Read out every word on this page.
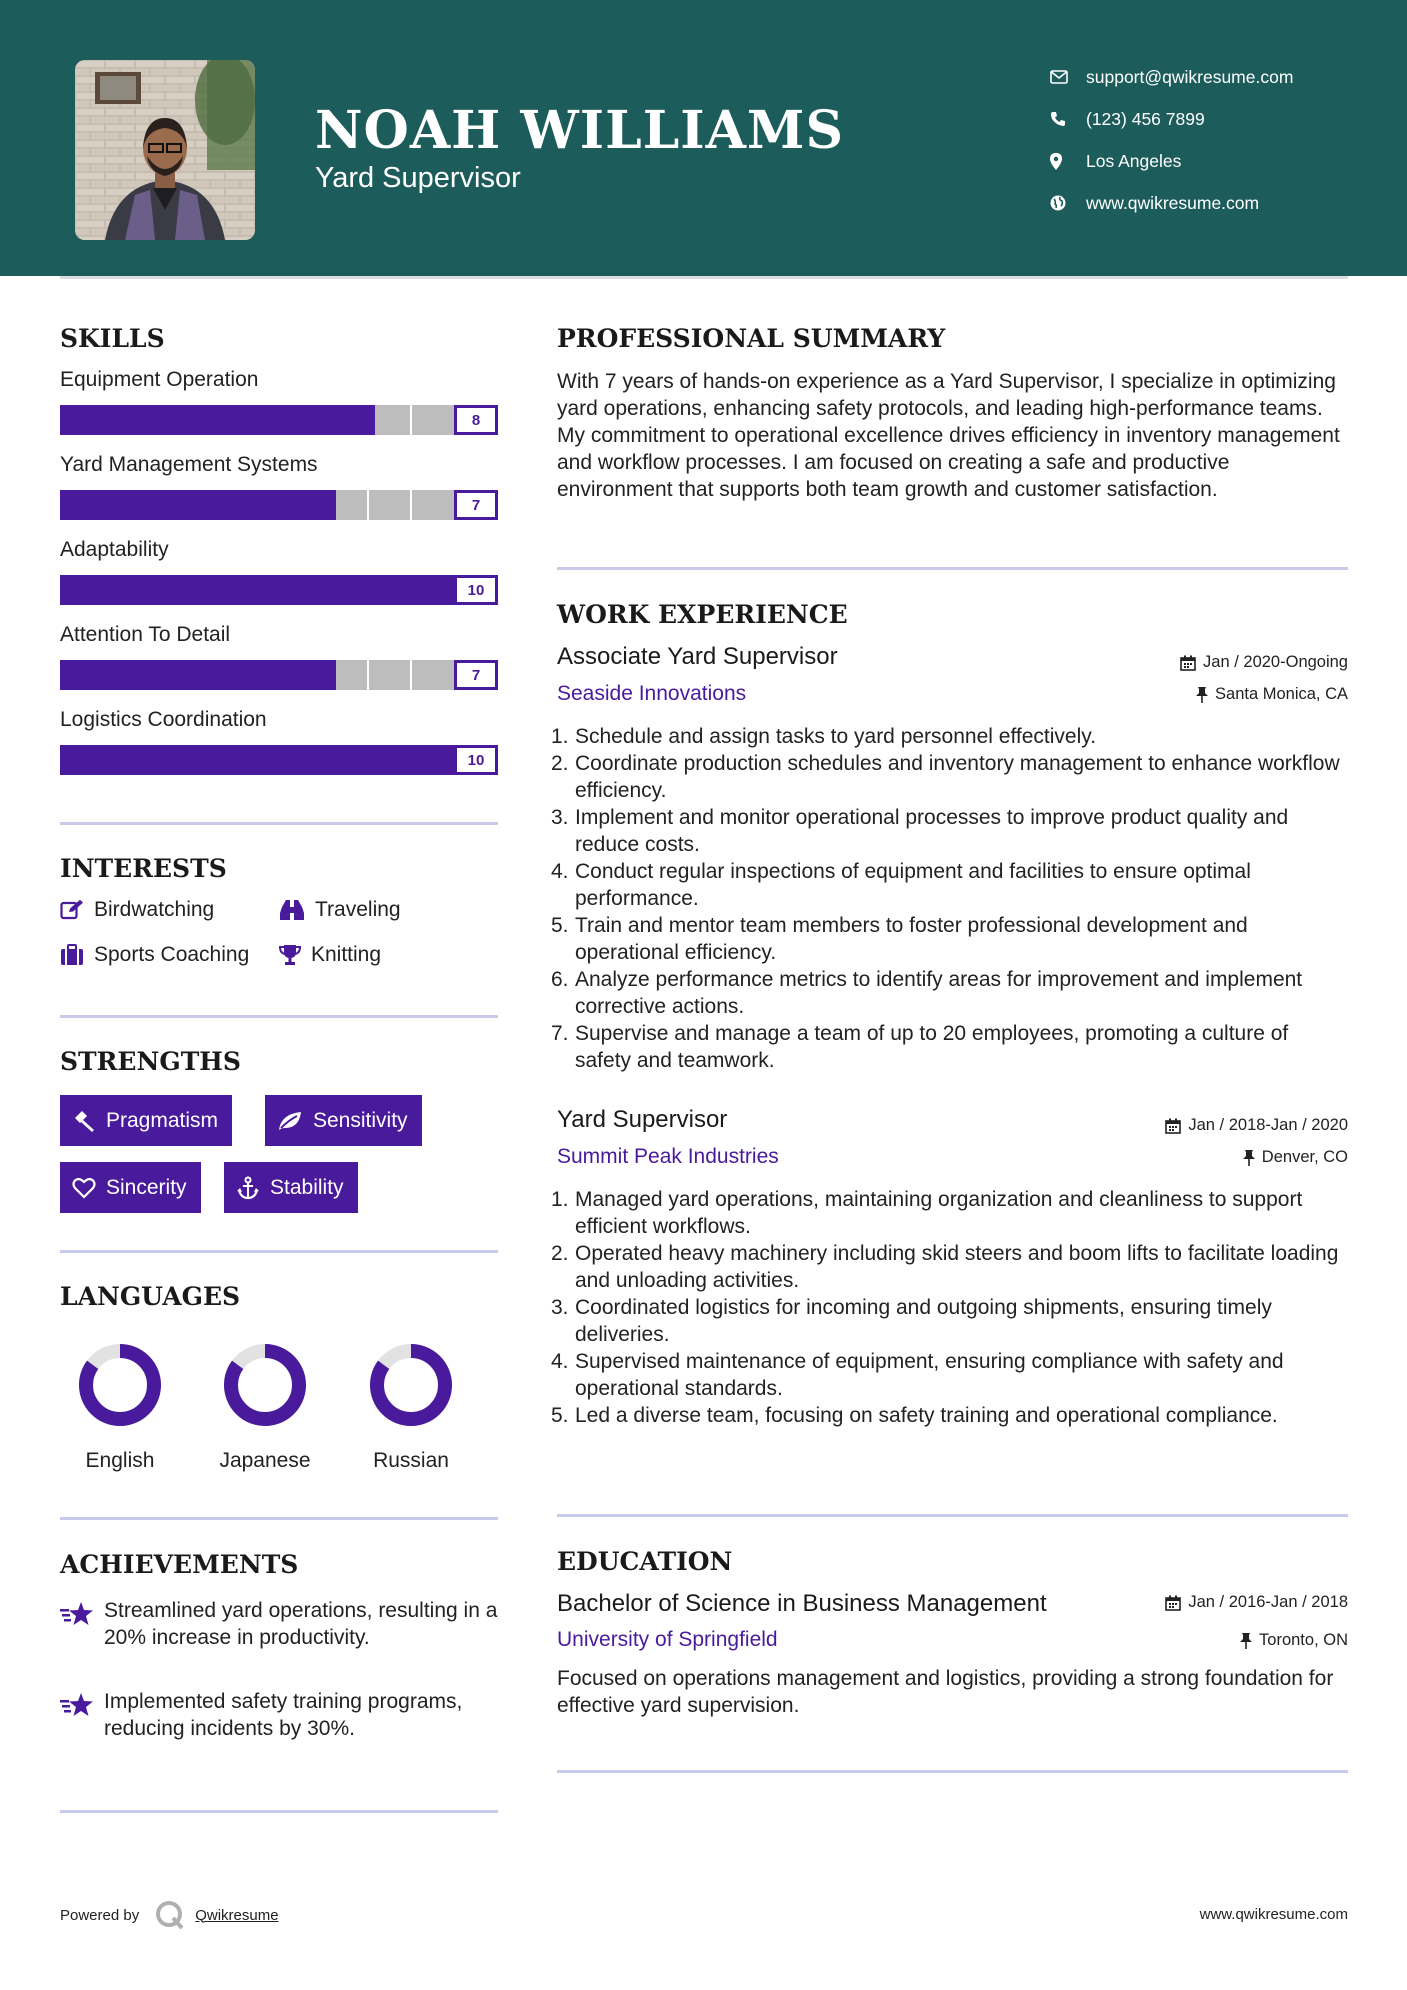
NOAH WILLIAMS
Yard Supervisor
support@qwikresume.com
(123) 456 7899
Los Angeles
www.qwikresume.com
SKILLS
Equipment Operation
8
Yard Management Systems
7
Adaptability
10
Attention To Detail
7
Logistics Coordination
10
INTERESTS
Birdwatching	Traveling
Sports Coaching	Knitting
STRENGTHS
Pragmatism	Sensitivity
Sincerity	Stability
LANGUAGES
English	Japanese	Russian
ACHIEVEMENTS
Streamlined yard operations, resulting in a 20% increase in productivity.
Implemented safety training programs, reducing incidents by 30%.
PROFESSIONAL SUMMARY
With 7 years of hands-on experience as a Yard Supervisor, I specialize in optimizing yard operations, enhancing safety protocols, and leading high-performance teams. My commitment to operational excellence drives efficiency in inventory management and workflow processes. I am focused on creating a safe and productive environment that supports both team growth and customer satisfaction.
WORK EXPERIENCE
Associate Yard Supervisor	Jan / 2020-Ongoing
Seaside Innovations	Santa Monica, CA
1. Schedule and assign tasks to yard personnel effectively.
2. Coordinate production schedules and inventory management to enhance workflow efficiency.
3. Implement and monitor operational processes to improve product quality and reduce costs.
4. Conduct regular inspections of equipment and facilities to ensure optimal performance.
5. Train and mentor team members to foster professional development and operational efficiency.
6. Analyze performance metrics to identify areas for improvement and implement corrective actions.
7. Supervise and manage a team of up to 20 employees, promoting a culture of safety and teamwork.
Yard Supervisor	Jan / 2018-Jan / 2020
Summit Peak Industries	Denver, CO
1. Managed yard operations, maintaining organization and cleanliness to support efficient workflows.
2. Operated heavy machinery including skid steers and boom lifts to facilitate loading and unloading activities.
3. Coordinated logistics for incoming and outgoing shipments, ensuring timely deliveries.
4. Supervised maintenance of equipment, ensuring compliance with safety and operational standards.
5. Led a diverse team, focusing on safety training and operational compliance.
EDUCATION
Bachelor of Science in Business Management	Jan / 2016-Jan / 2018
University of Springfield	Toronto, ON
Focused on operations management and logistics, providing a strong foundation for effective yard supervision.
Powered by	Qwikresume	www.qwikresume.com
